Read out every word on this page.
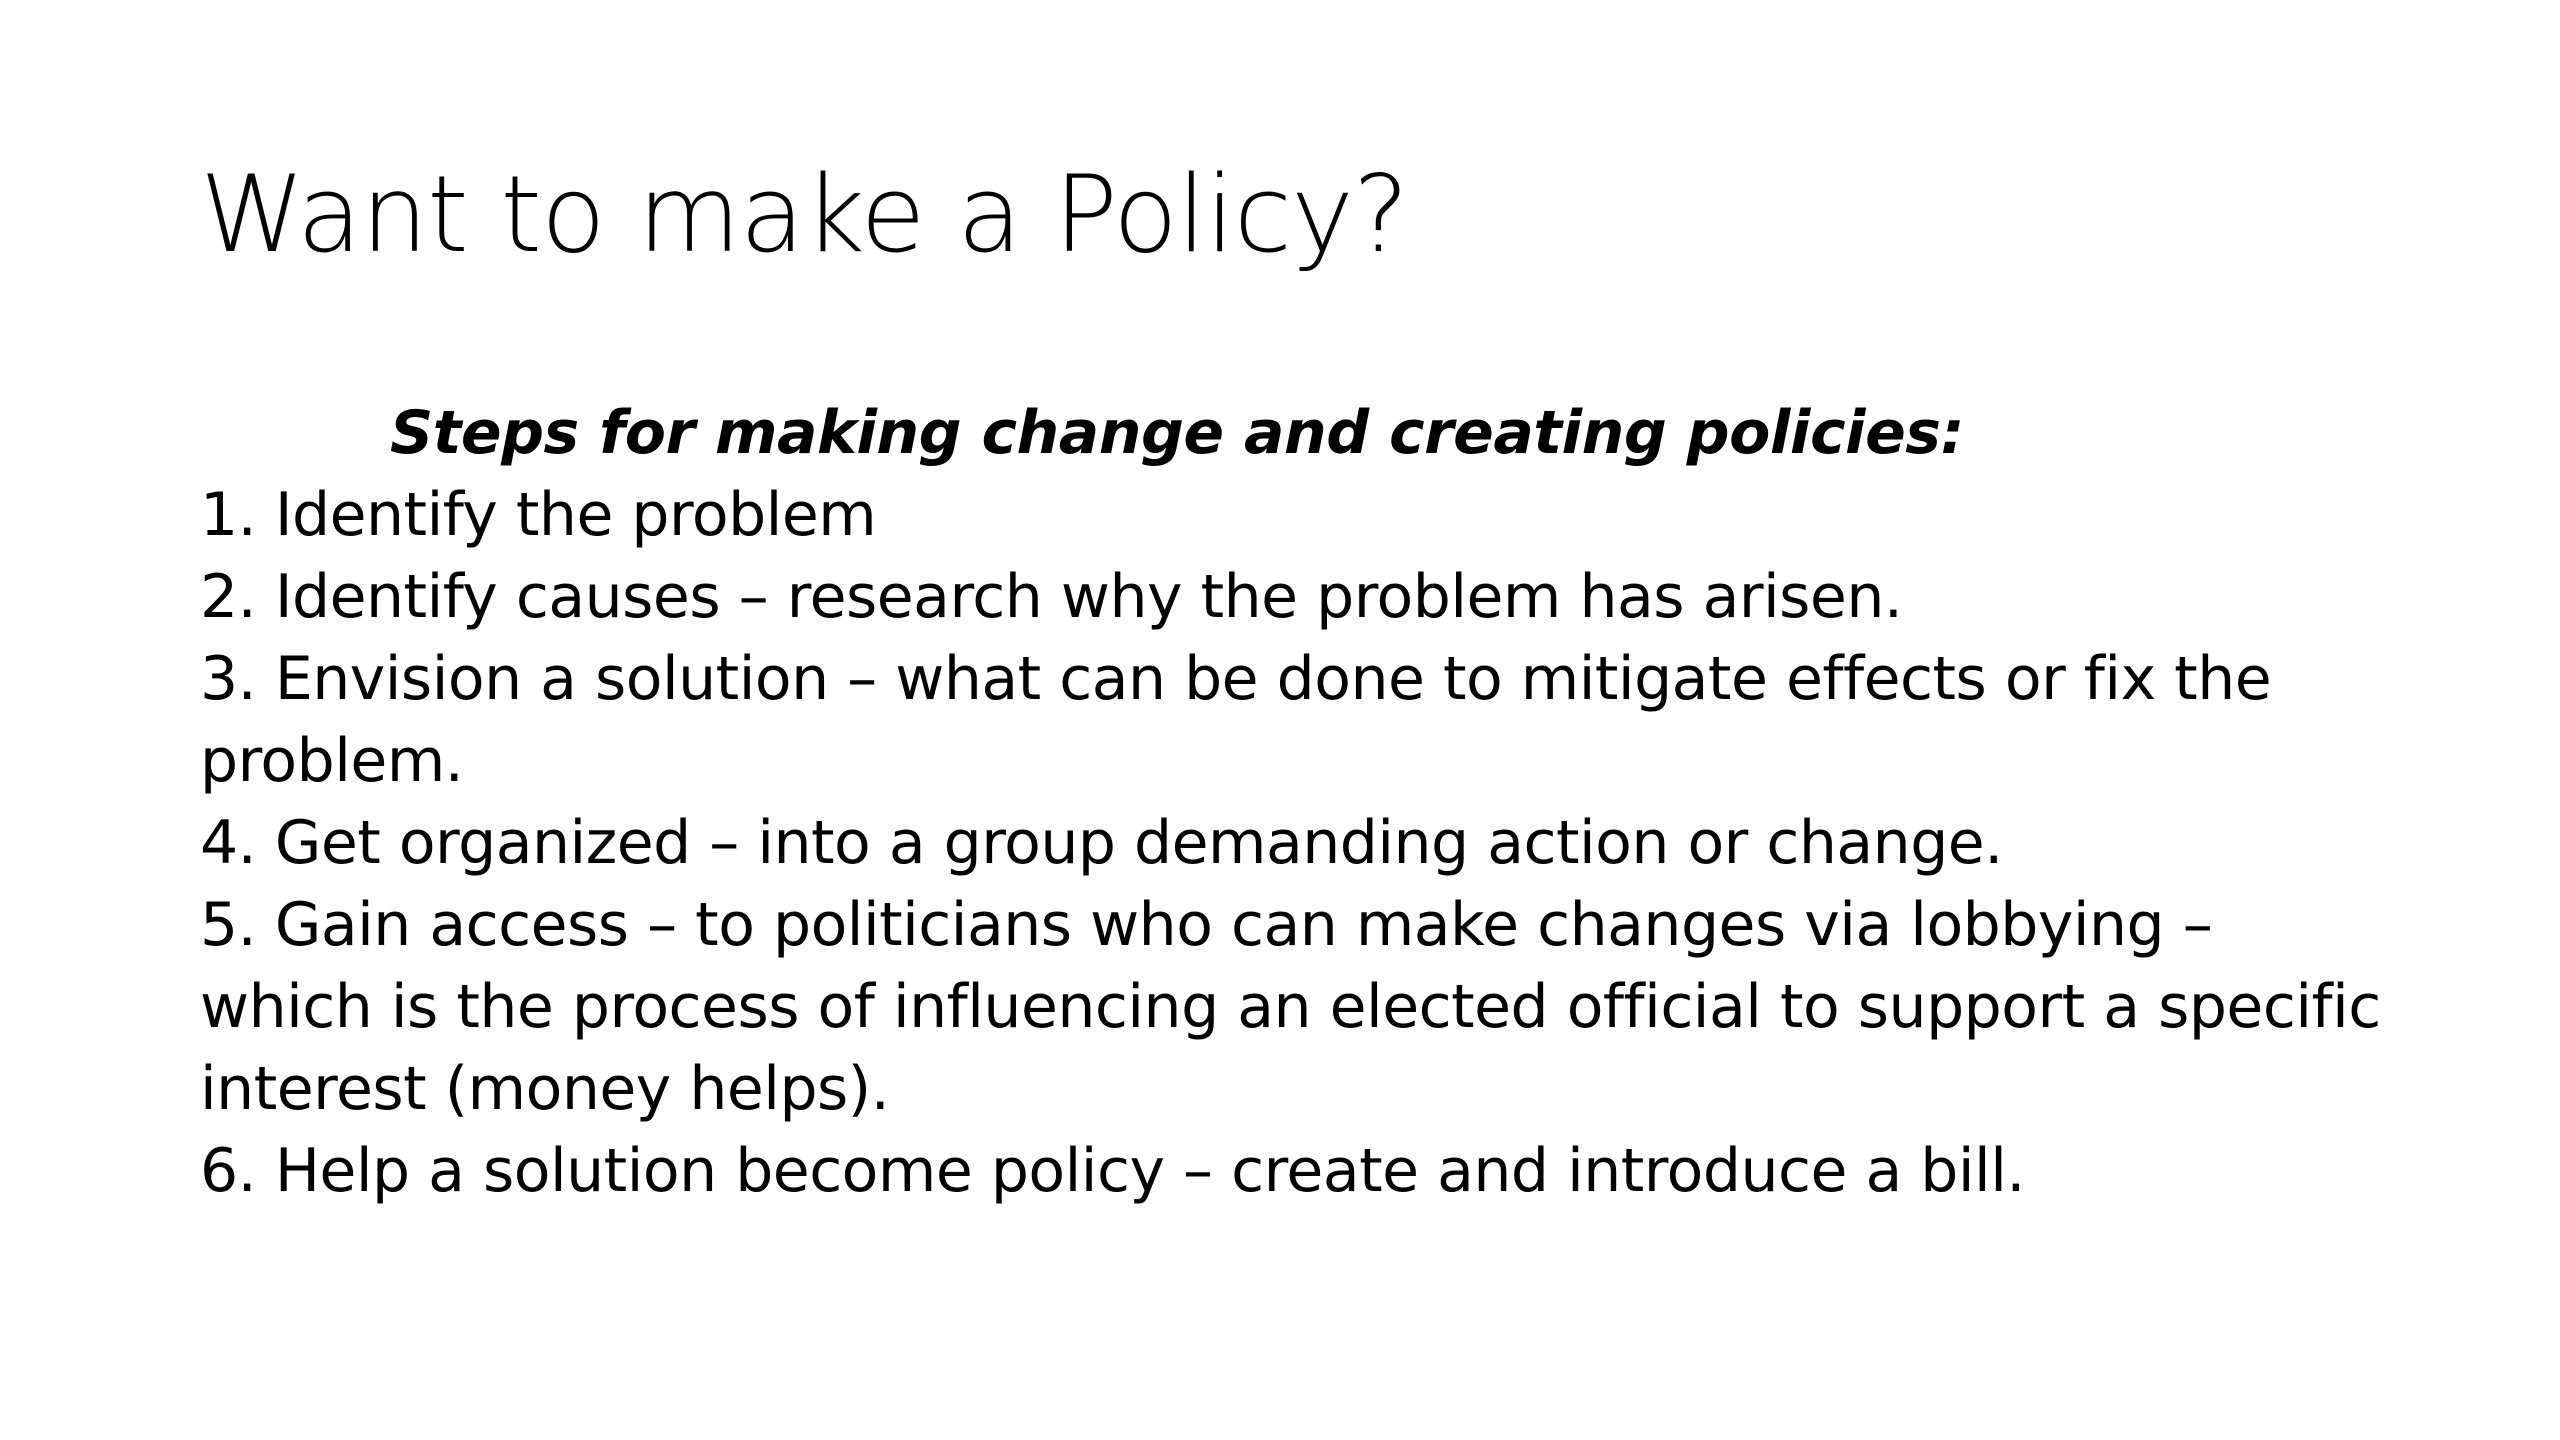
Want to make a Policy?

Steps for making change and creating policies:

1. Identify the problem
2. Identify causes – research why the problem has arisen.
3. Envision a solution – what can be done to mitigate effects or fix the problem.
4. Get organized – into a group demanding action or change.
5. Gain access – to politicians who can make changes via lobbying – which is the process of influencing an elected official to support a specific interest (money helps).
6. Help a solution become policy – create and introduce a bill.
